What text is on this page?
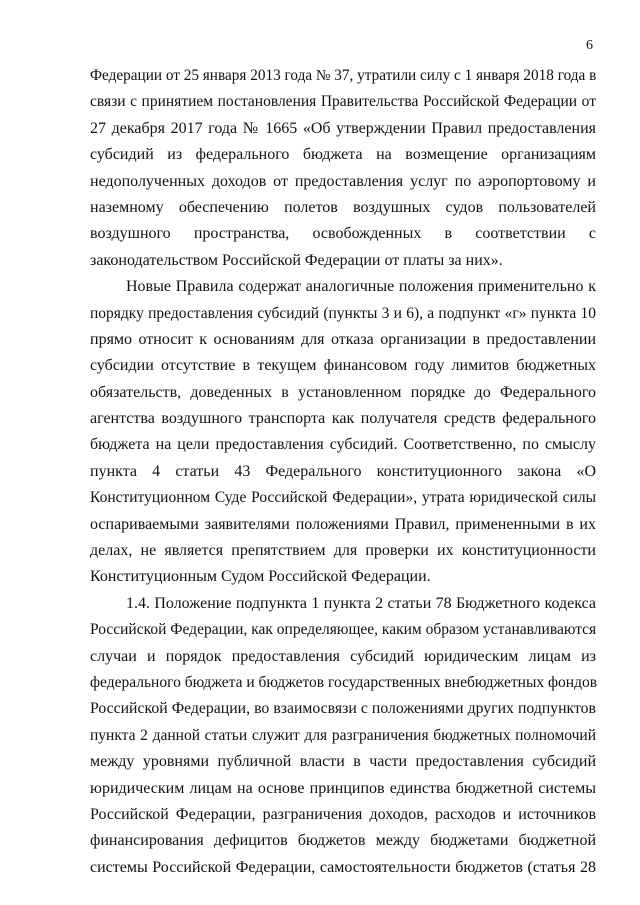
6
Федерации от 25 января 2013 года № 37, утратили силу с 1 января 2018 года в
связи с принятием постановления Правительства Российской Федерации от
27 декабря 2017 года № 1665 «Об утверждении Правил предоставления
субсидий из федерального бюджета на возмещение организациям
недополученных доходов от предоставления услуг по аэропортовому и
наземному обеспечению полетов воздушных судов пользователей
воздушного пространства, освобожденных в соответствии с
законодательством Российской Федерации от платы за них».
Новые Правила содержат аналогичные положения применительно к
порядку предоставления субсидий (пункты 3 и 6), а подпункт «г» пункта 10
прямо относит к основаниям для отказа организации в предоставлении
субсидии отсутствие в текущем финансовом году лимитов бюджетных
обязательств, доведенных в установленном порядке до Федерального
агентства воздушного транспорта как получателя средств федерального
бюджета на цели предоставления субсидий. Соответственно, по смыслу
пункта 4 статьи 43 Федерального конституционного закона «О
Конституционном Суде Российской Федерации», утрата юридической силы
оспариваемыми заявителями положениями Правил, примененными в их
делах, не является препятствием для проверки их конституционности
Конституционным Судом Российской Федерации.
1.4. Положение подпункта 1 пункта 2 статьи 78 Бюджетного кодекса
Российской Федерации, как определяющее, каким образом устанавливаются
случаи и порядок предоставления субсидий юридическим лицам из
федерального бюджета и бюджетов государственных внебюджетных фондов
Российской Федерации, во взаимосвязи с положениями других подпунктов
пункта 2 данной статьи служит для разграничения бюджетных полномочий
между уровнями публичной власти в части предоставления субсидий
юридическим лицам на основе принципов единства бюджетной системы
Российской Федерации, разграничения доходов, расходов и источников
финансирования дефицитов бюджетов между бюджетами бюджетной
системы Российской Федерации, самостоятельности бюджетов (статья 28
